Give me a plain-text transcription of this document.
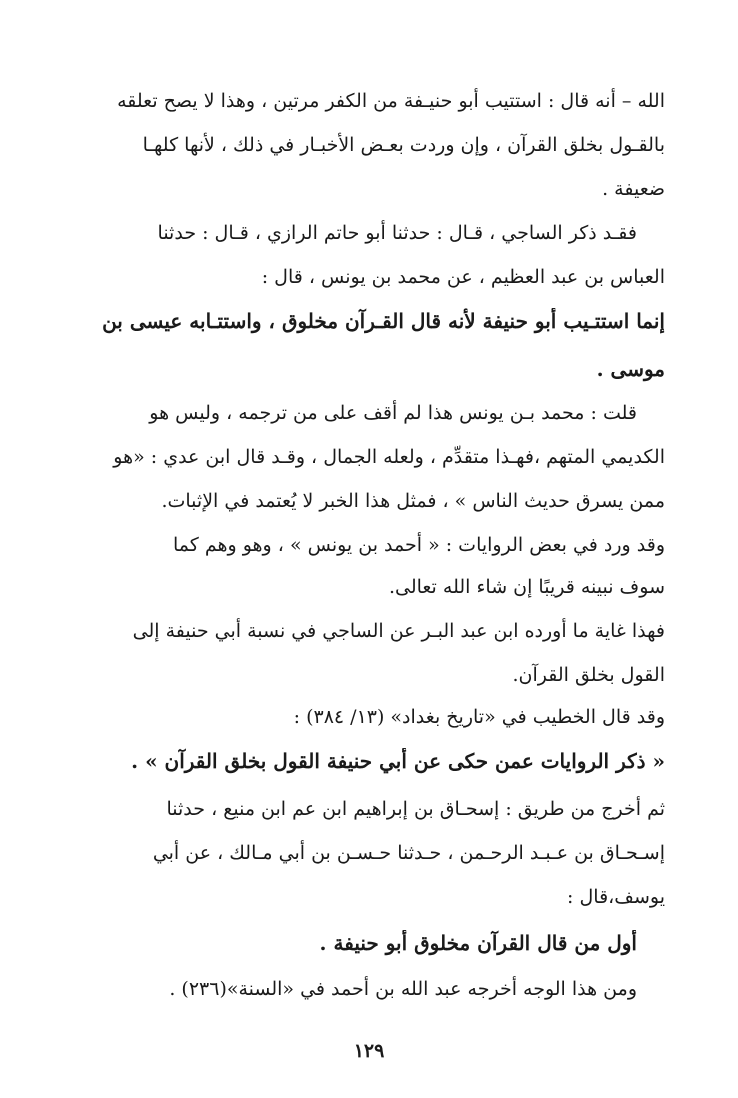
الله – أنه قال : استتيب أبو حنيـفة من الكفر مرتين ، وهذا لا يصح تعلقه

بالقـول بخلق القرآن ، وإن وردت بعـض الأخبـار في ذلك ، لأنها كلهـا

ضعيفة .

فقـد ذكر الساجي ، قـال : حدثنا أبو حاتم الرازي ، قـال : حدثنا

العباس بن عبد العظيم ، عن محمد بن يونس ، قال :

إنما استتـيب أبو حنيفة لأنه قال القـرآن مخلوق ، واستتـابه عيسى بن

موسى .

قلت : محمد بـن يونس هذا لم أقف على من ترجمه ، وليس هو

الكديمي المتهم ،فهـذا متقدِّم ، ولعله الجمال ، وقـد قال ابن عدي : «هو

ممن يسرق حديث الناس » ، فمثل هذا الخبر لا يُعتمد في الإثبات.

وقد ورد في بعض الروايات : « أحمد بن يونس » ، وهو وهم كما

سوف نبينه قريبًا إن شاء الله تعالى.

فهذا غاية ما أورده ابن عبد البـر عن الساجي في نسبة أبي حنيفة إلى

القول بخلق القرآن.

وقد قال الخطيب في «تاريخ بغداد» (١٣/ ٣٨٤) :

« ذكر الروايات عمن حكى عن أبي حنيفة القول بخلق القرآن » .

ثم أخرج من طريق : إسحـاق بن إبراهيم ابن عم ابن منيع ، حدثنا

إسـحـاق بن عـبـد الرحـمن ، حـدثنا حـسـن بن أبي مـالك ، عن أبي

يوسف،قال :

أول من قال القرآن مخلوق أبو حنيفة .

ومن هذا الوجه أخرجه عبد الله بن أحمد في «السنة»(٢٣٦) .

١٢٩
